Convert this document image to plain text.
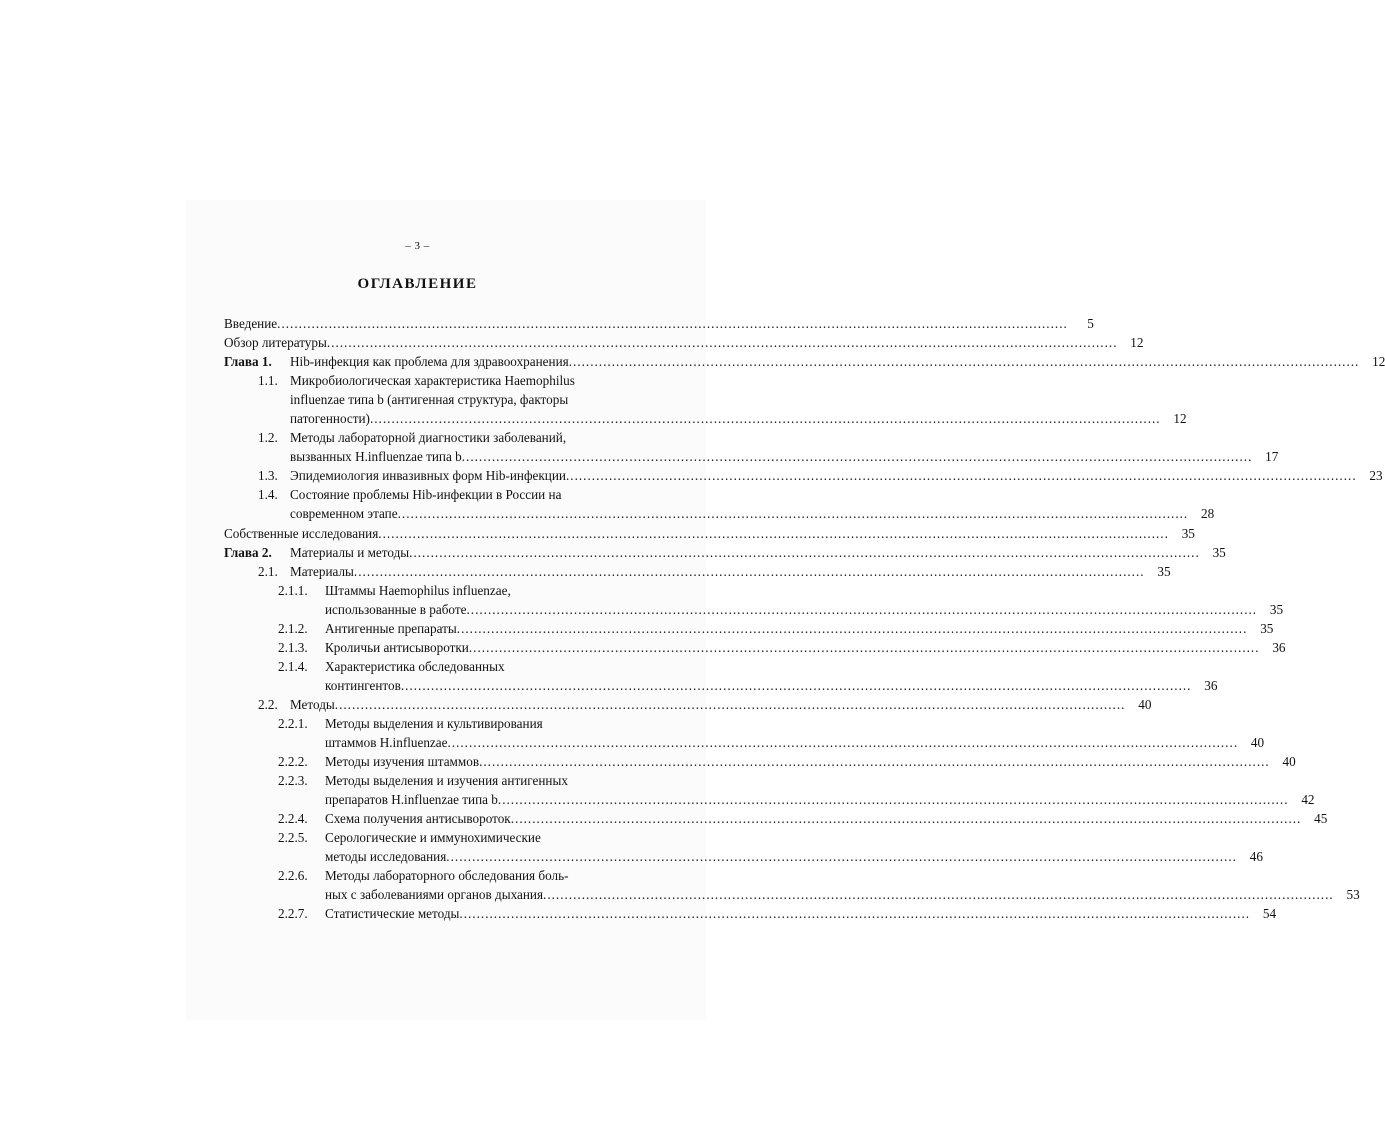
– 3 –
ОГЛАВЛЕНИЕ
Введение .....	5
Обзор литературы .....	12
Глава 1.	Hib-инфекция как проблема для здравоохранения .....	12
1.1. Микробиологическая характеристика Haemophilus
influenzae типа b (антигенная структура, факторы
патогенности) .....	12
1.2. Методы лабораторной диагностики заболеваний,
вызванных H.influenzae типа b .....	17
1.3. Эпидемиология инвазивных форм Hib-инфекции .....	23
1.4. Состояние проблемы Hib-инфекции в России на
современном этапе .....	28
Собственные исследования .....	35
Глава 2.	Материалы и методы .....	35
2.1. Материалы .....	35
2.1.1.	Штаммы Haemophilus influenzae,
использованные в работе .....	35
2.1.2.	Антигенные препараты .....	35
2.1.3.	Кроличьи антисыворотки .....	36
2.1.4.	Характеристика обследованных
контингентов .....	36
2.2. Методы .....	40
2.2.1.	Методы выделения и культивирования
штаммов H.influenzae .....	40
2.2.2.	Методы изучения штаммов .....	40
2.2.3.	Методы выделения и изучения антигенных
препаратов H.influenzae типа b .....	42
2.2.4.	Схема получения антисывороток .....	45
2.2.5.	Серологические и иммунохимические
методы исследования .....	46
2.2.6.	Методы лабораторного обследования боль-
ных с заболеваниями органов дыхания .....	53
2.2.7.	Статистические методы .....	54
